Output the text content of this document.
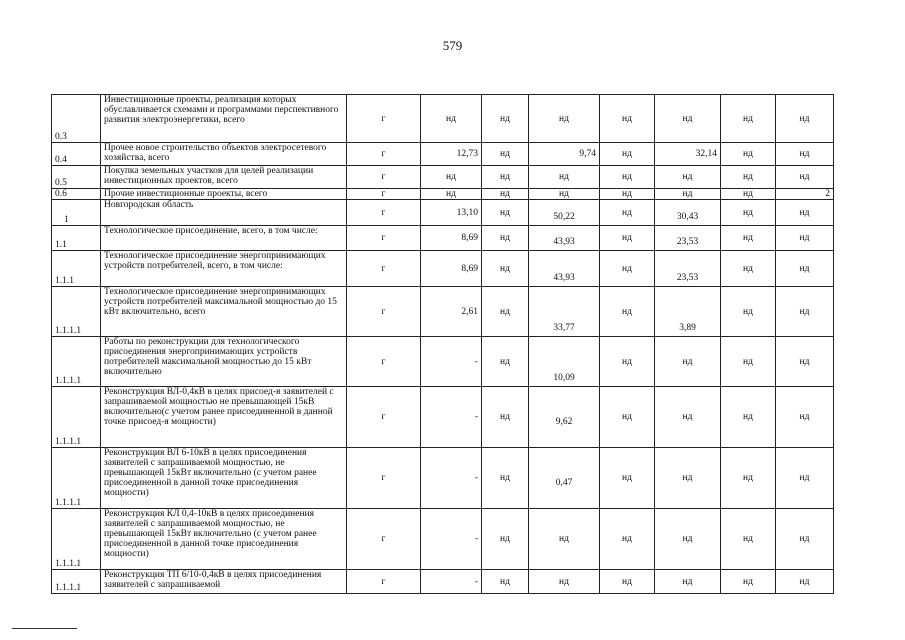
579
0.3	Инвестиционные проекты, реализация которых обуславливается схемами и программами перспективного развития электроэнергетики, всего	г	нд	нд	нд	нд	нд	нд	нд
0.4	Прочее новое строительство объектов электросетевого хозяйства, всего	г	12,73	нд	9,74	нд	32,14	нд	нд
0.5	Покупка земельных участков для целей реализации инвестиционных проектов, всего	г	нд	нд	нд	нд	нд	нд	нд
0.6	Прочие инвестиционные проекты, всего	г	нд	нд	нд	нд	нд	нд	2
1	Новгородская область	г	13,10	нд	50,22	нд	30,43	нд	нд
1.1	Технологическое присоединение, всего, в том числе:	г	8,69	нд	43,93	нд	23,53	нд	нд
1.1.1	Технологическое присоединение энергопринимающих устройств потребителей, всего, в том числе:	г	8,69	нд	43,93	нд	23,53	нд	нд
1.1.1.1	Технологическое присоединение энергопринимающих устройств потребителей максимальной мощностью до 15 кВт включительно, всего	г	2,61	нд	33,77	нд	3,89	нд	нд
1.1.1.1	Работы по реконструкции для технологического присоединения энергопринимающих устройств потребителей максимальной мощностью до 15 кВт включительно	г	-	нд	10,09	нд	нд	нд	нд
1.1.1.1	Реконструкция ВЛ-0,4кВ в целях присоед-я заявителей с запрашиваемой мощностью не превышающей 15кВ включительно(с учетом ранее присоединенной в данной точке присоед-я мощности)	г	-	нд	9,62	нд	нд	нд	нд
1.1.1.1	Реконструкция ВЛ 6-10кВ в целях присоединения заявителей с запрашиваемой мощностью, не превышающей 15кВт включительно (с учетом ранее присоединенной в данной точке присоединения мощности)	г	-	нд	0,47	нд	нд	нд	нд
1.1.1.1	Реконструкция КЛ 0,4-10кВ в целях присоединения заявителей с запрашиваемой мощностью, не превышающей 15кВт включительно (с учетом ранее присоединенной в данной точке присоединения мощности)	г	-	нд	нд	нд	нд	нд	нд
1.1.1.1	Реконструкция ТП 6/10-0,4кВ в целях присоединения заявителей с запрашиваемой	г	-	нд	нд	нд	нд	нд	нд
